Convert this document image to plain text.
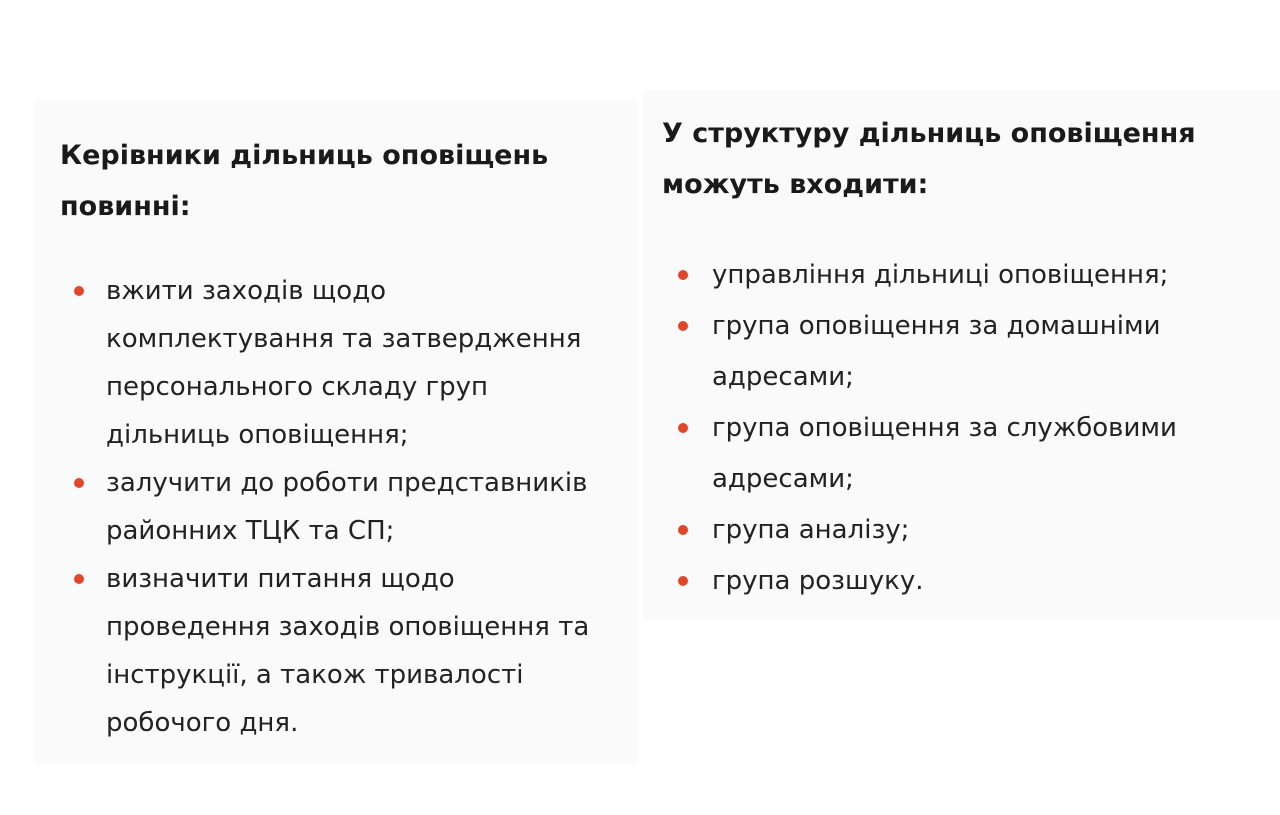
Керівники дільниць оповіщень повинні:
вжити заходів щодо комплектування та затвердження персонального складу груп дільниць оповіщення;
залучити до роботи представників районних ТЦК та СП;
визначити питання щодо проведення заходів оповіщення та інструкції, а також тривалості робочого дня.
У структуру дільниць оповіщення можуть входити:
управління дільниці оповіщення;
група оповіщення за домашніми адресами;
група оповіщення за службовими адресами;
група аналізу;
група розшуку.
